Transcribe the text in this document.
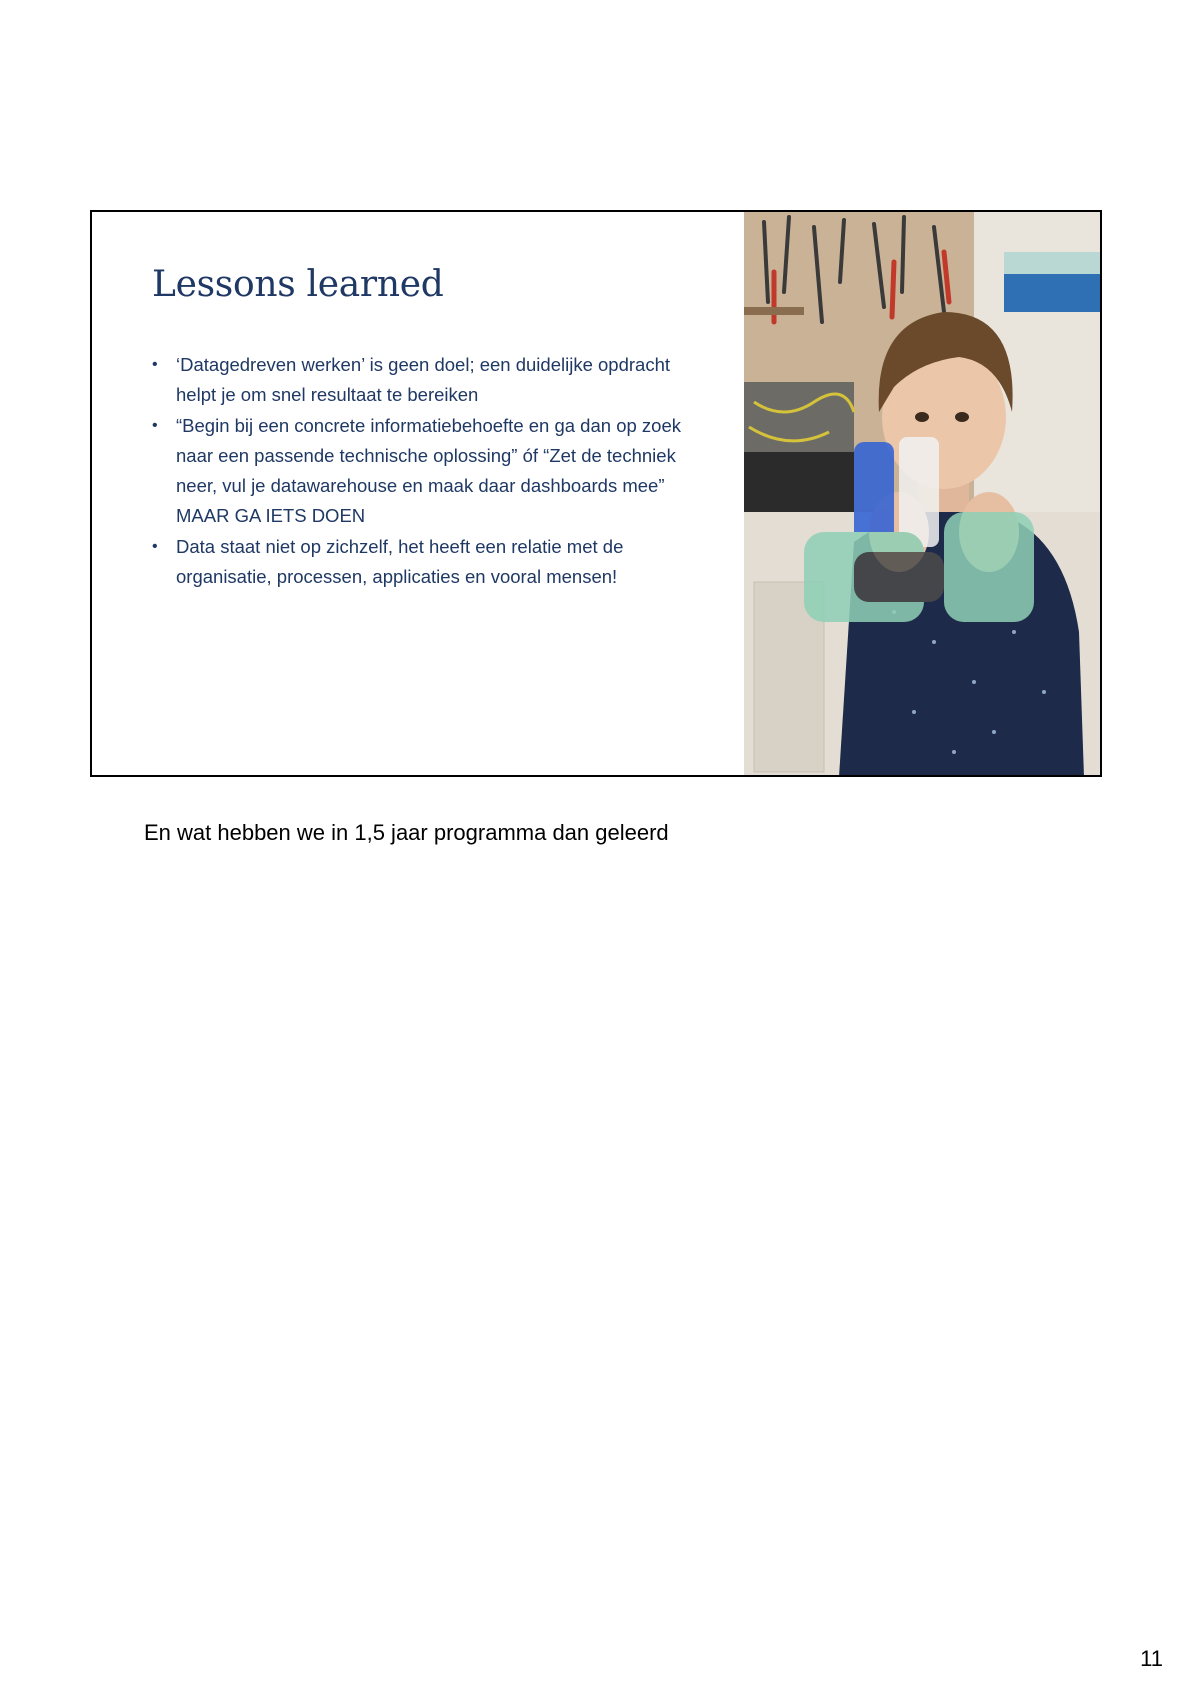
Lessons learned
• ‘Datagedreven werken’ is geen doel; een duidelijke opdracht helpt je om snel resultaat te bereiken
• “Begin bij een concrete informatiebehoefte en ga dan op zoek naar een passende technische oplossing” óf “Zet de techniek neer, vul je datawarehouse en maak daar dashboards mee” MAAR GA IETS DOEN
• Data staat niet op zichzelf, het heeft een relatie met de organisatie, processen, applicaties en vooral mensen!

En wat hebben we in 1,5 jaar programma dan geleerd

11
